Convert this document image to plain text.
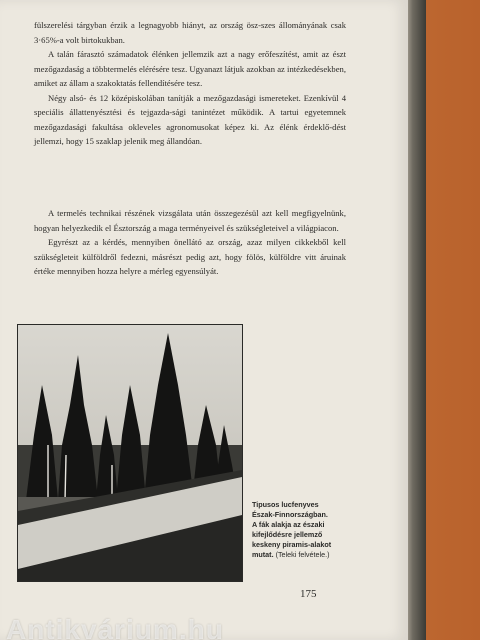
fülszerelési tárgyban érzik a legnagyobb hiányt, az ország ösz-szes állományának csak 3·65%-a volt birtokukban.

A talán fárasztó számadatok élénken jellemzik azt a nagy erőfeszítést, amit az észt mezőgazdaság a többtermelés elérésére tesz. Ugyanazt látjuk azokban az intézkedésekben, amiket az állam a szakoktatás fellendítésére tesz.

Négy alsó- és 12 középiskolában tanítják a mezőgazdasági ismereteket. Ezenkívül 4 speciális állattenyésztési és tejgazda-sági tanintézet működik. A tartui egyetemnek mezőgazdasági fakultása okleveles agronomusokat képez ki. Az élénk érdeklő-dést jellemzi, hogy 15 szaklap jelenik meg állandóan.

A termelés technikai részének vizsgálata után összegezésül azt kell megfigyelnünk, hogyan helyezkedik el Észtország a maga terményeivel és szükségleteivel a világpiacon.

Egyrészt az a kérdés, mennyiben önellátó az ország, azaz milyen cikkekből kell szükségleteit külföldről fedezni, másrészt pedig azt, hogy fölös, külföldre vitt áruinak értéke mennyiben hozza helyre a mérleg egyensúlyát.

Tipusos lucfenyves Észak-Finnországban. A fák alakja az északi kifejlődésre jellemző keskeny piramis-alakot mutat. (Teleki felvétele.)
175
Antikvárium.hu
